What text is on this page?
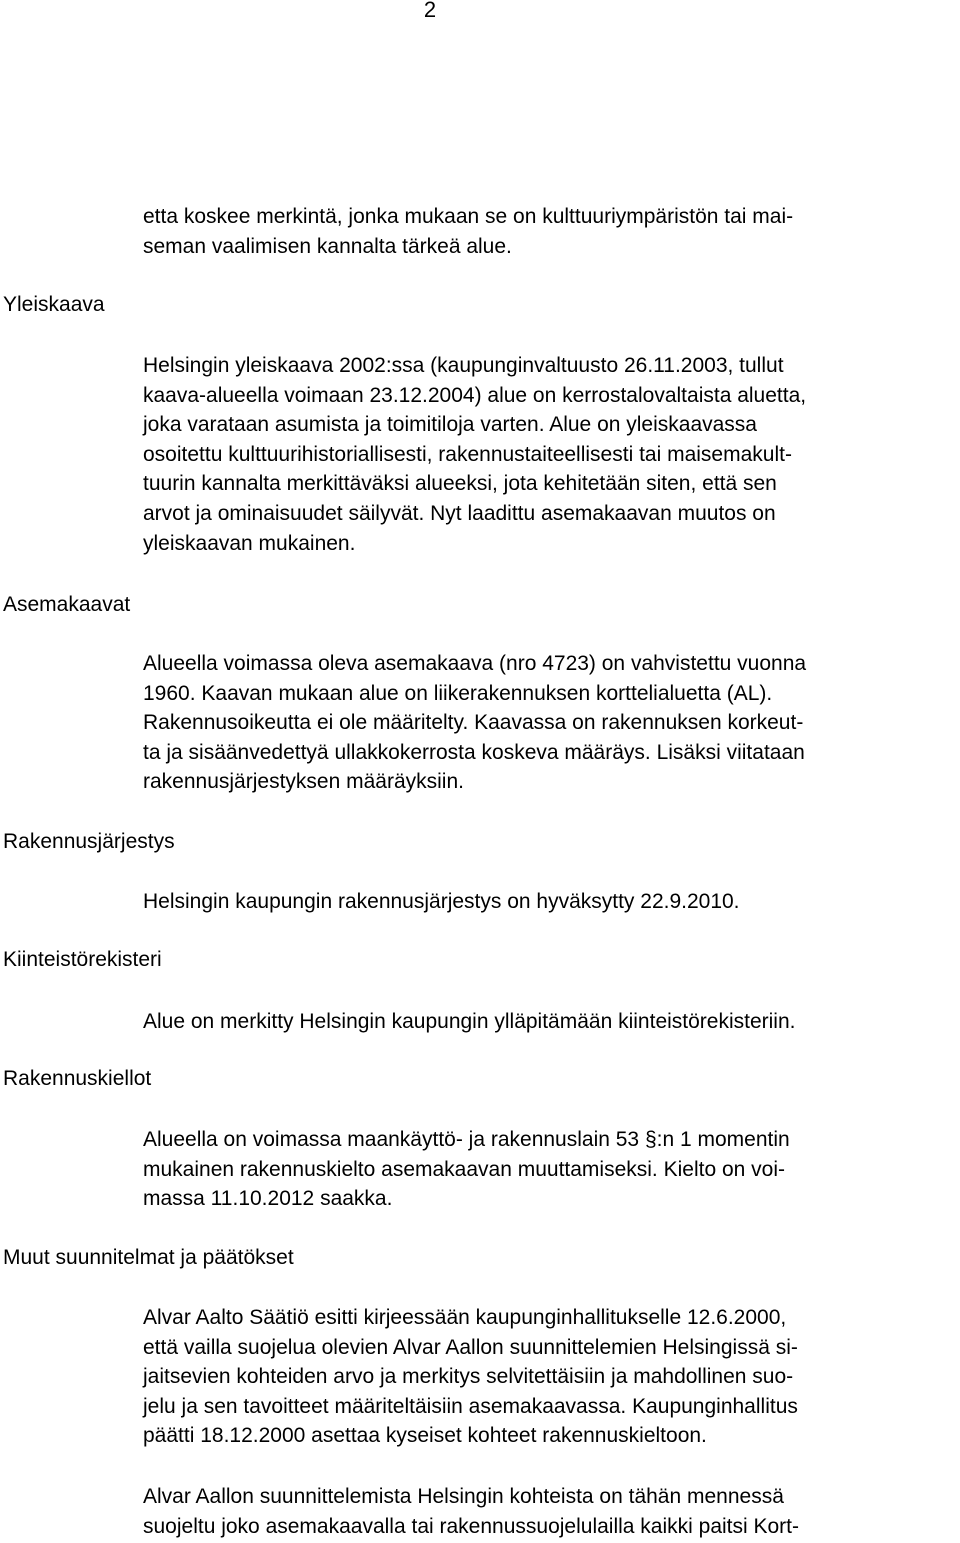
2
Yleiskaava
Asemakaavat
Rakennusjärjestys
Kiinteistörekisteri
Rakennuskiellot
Muut suunnitelmat ja päätökset

etta koskee merkintä, jonka mukaan se on kulttuuriympäristön tai mai-
seman vaalimisen kannalta tärkeä alue.

Helsingin yleiskaava 2002:ssa (kaupunginvaltuusto 26.11.2003, tullut
kaava-alueella voimaan 23.12.2004) alue on kerrostalovaltaista aluetta,
joka varataan asumista ja toimitiloja varten. Alue on yleiskaavassa
osoitettu kulttuurihistoriallisesti, rakennustaiteellisesti tai maisemakult-
tuurin kannalta merkittäväksi alueeksi, jota kehitetään siten, että sen
arvot ja ominaisuudet säilyvät. Nyt laadittu asemakaavan muutos on
yleiskaavan mukainen.

Alueella voimassa oleva asemakaava (nro 4723) on vahvistettu vuonna
1960. Kaavan mukaan alue on liikerakennuksen korttelialuetta (AL).
Rakennusoikeutta ei ole määritelty. Kaavassa on rakennuksen korkeut-
ta ja sisäänvedettyä ullakkokerrosta koskeva määräys. Lisäksi viitataan
rakennusjärjestyksen määräyksiin.

Helsingin kaupungin rakennusjärjestys on hyväksytty 22.9.2010.

Alue on merkitty Helsingin kaupungin ylläpitämään kiinteistörekisteriin.

Alueella on voimassa maankäyttö- ja rakennuslain 53 §:n 1 momentin
mukainen rakennuskielto asemakaavan muuttamiseksi. Kielto on voi-
massa 11.10.2012 saakka.

Alvar Aalto Säätiö esitti kirjeessään kaupunginhallitukselle 12.6.2000,
että vailla suojelua olevien Alvar Aallon suunnittelemien Helsingissä si-
jaitsevien kohteiden arvo ja merkitys selvitettäisiin ja mahdollinen suo-
jelu ja sen tavoitteet määriteltäisiin asemakaavassa. Kaupunginhallitus
päätti 18.12.2000 asettaa kyseiset kohteet rakennuskieltoon.

Alvar Aallon suunnittelemista Helsingin kohteista on tähän mennessä
suojeltu joko asemakaavalla tai rakennussuojelulailla kaikki paitsi Kort-
